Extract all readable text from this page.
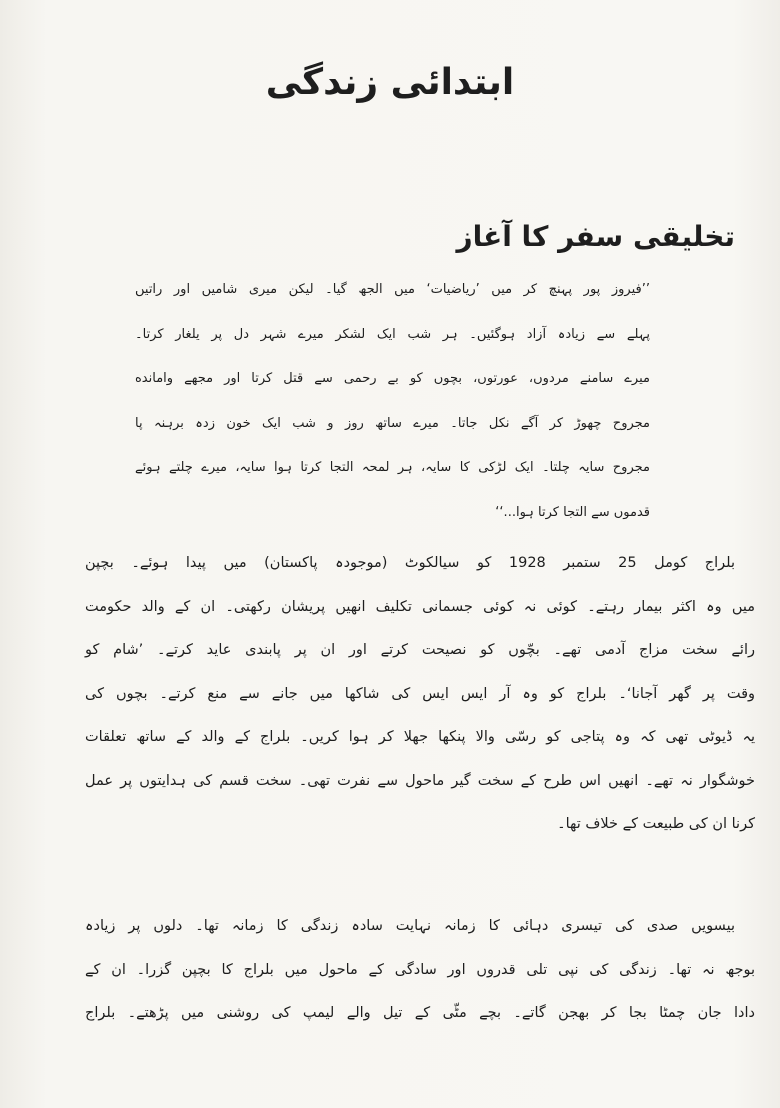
ابتدائی زندگی
تخلیقی سفر کا آغاز
’’فیروز پور پہنچ کر میں ’ریاضیات‘ میں الجھ گیا۔ لیکن میری شامیں اور راتیں
پہلے سے زیادہ آزاد ہوگئیں۔ ہر شب ایک لشکر میرے شہر دل پر یلغار کرتا۔
میرے سامنے مردوں، عورتوں، بچوں کو بے رحمی سے قتل کرتا اور مجھے وامانده
مجروح چھوڑ کر آگے نکل جاتا۔ میرے ساتھ روز و شب ایک خون زدہ برہنہ پا
مجروح سایہ چلتا۔ ایک لڑکی کا سایہ، ہر لمحہ التجا کرتا ہوا سایہ، میرے چلتے ہوئے
قدموں سے التجا کرتا ہوا...‘‘
بلراج کومل 25 ستمبر 1928 کو سیالکوٹ (موجودہ پاکستان) میں پیدا ہوئے۔ بچپن
میں وہ اکثر بیمار رہتے۔ کوئی نہ کوئی جسمانی تکلیف انھیں پریشان رکھتی۔ ان کے والد حکومت
رائے سخت مزاج آدمی تھے۔ بچّوں کو نصیحت کرتے اور ان پر پابندی عاید کرتے۔ ’شام کو
وقت پر گھر آجانا‘۔ بلراج کو وہ آر ایس ایس کی شاکھا میں جانے سے منع کرتے۔ بچوں کی
یہ ڈیوٹی تھی کہ وہ پتاجی کو رسّی والا پنکھا جھلا کر ہوا کریں۔ بلراج کے والد کے ساتھ تعلقات
خوشگوار نہ تھے۔ انھیں اس طرح کے سخت گیر ماحول سے نفرت تھی۔ سخت قسم کی ہدایتوں پر عمل
کرنا ان کی طبیعت کے خلاف تھا۔
بیسویں صدی کی تیسری دہائی کا زمانہ نہایت سادہ زندگی کا زمانہ تھا۔ دلوں پر زیادہ
بوجھ نہ تھا۔ زندگی کی نپی تلی قدروں اور سادگی کے ماحول میں بلراج کا بچپن گزرا۔ ان کے
دادا جان چمٹا بجا کر بھجن گاتے۔ بچے مٹّی کے تیل والے لیمپ کی روشنی میں پڑھتے۔ بلراج
